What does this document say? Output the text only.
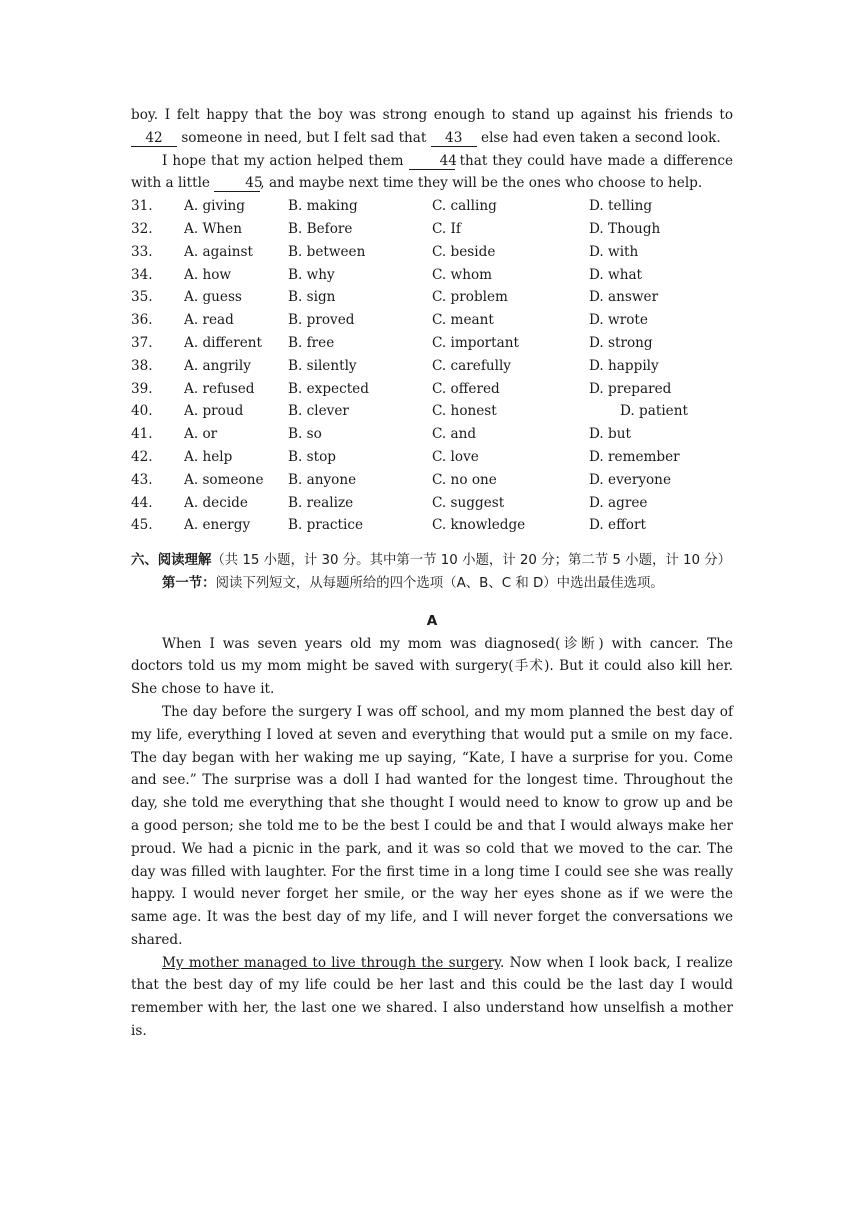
boy. I felt happy that the boy was strong enough to stand up against his friends to 42 someone in need, but I felt sad that 43 else had even taken a second look.

I hope that my action helped them	44 that they could have made a difference with a little	45, and maybe next time they will be the ones who choose to help.

31. A. giving	B. making	C. calling	D. telling
32. A. When	B. Before	C. If	D. Though
33. A. against	B. between	C. beside	D. with
34. A. how	B. why	C. whom	D. what
35. A. guess	B. sign	C. problem	D. answer
36. A. read	B. proved	C. meant	D. wrote
37. A. different B. free	C. important	D. strong
38. A. angrily	B. silently	C. carefully	D. happily
39. A. refused B. expected	C. offered	D. prepared
40. A. proud	B. clever	C. honest	D. patient
41. A. or	B. so	C. and	D. but
42. A. help	B. stop	C. love	D. remember
43. A. someone B. anyone	C. no one	D. everyone
44. A. decide	B. realize	C. suggest	D. agree
45. A. energy	B. practice	C. knowledge	D. effort

六、阅读理解（共 15 小题，计 30 分。其中第一节 10 小题，计 20 分；第二节 5 小题，计 10 分）

第一节：阅读下列短文，从每题所给的四个选项（A、B、C 和 D）中选出最佳选项。

A

When I was seven years old my mom was diagnosed(诊断) with cancer. The doctors told us my mom might be saved with surgery(手术). But it could also kill her. She chose to have it.

The day before the surgery I was off school, and my mom planned the best day of my life, everything I loved at seven and everything that would put a smile on my face. The day began with her waking me up saying, “Kate, I have a surprise for you. Come and see.” The surprise was a doll I had wanted for the longest time. Throughout the day, she told me everything that she thought I would need to know to grow up and be a good person; she told me to be the best I could be and that I would always make her proud. We had a picnic in the park, and it was so cold that we moved to the car. The day was filled with laughter. For the first time in a long time I could see she was really happy. I would never forget her smile, or the way her eyes shone as if we were the same age. It was the best day of my life, and I will never forget the conversations we shared.

My mother managed to live through the surgery. Now when I look back, I realize that the best day of my life could be her last and this could be the last day I would remember with her, the last one we shared. I also understand how unselfish a mother is.
